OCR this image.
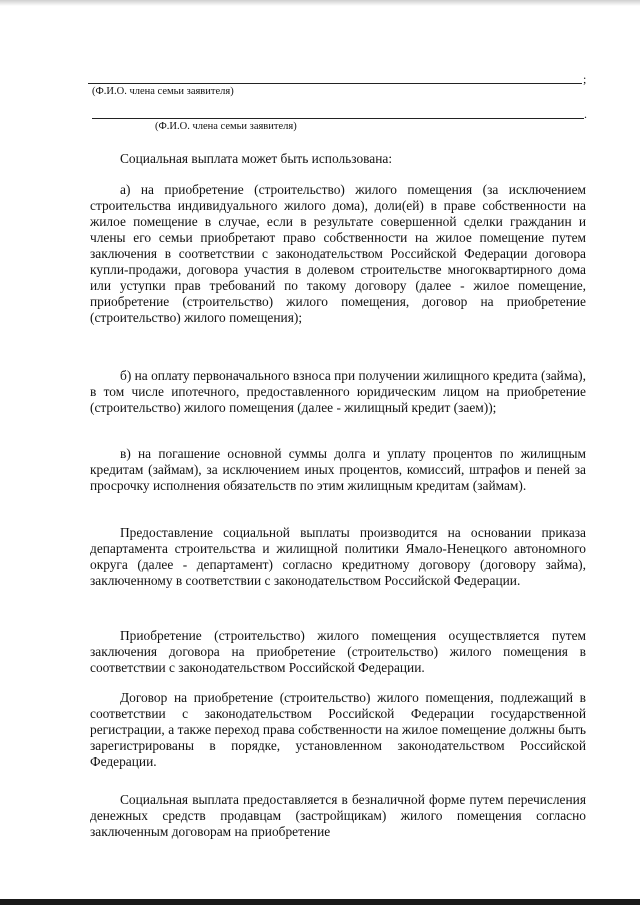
;
(Ф.И.О. члена семьи заявителя)
.
(Ф.И.О. члена семьи заявителя)

Социальная выплата может быть использована:

а) на приобретение (строительство) жилого помещения (за исключением строительства индивидуального жилого дома), доли(ей) в праве собственности на жилое помещение в случае, если в результате совершенной сделки гражданин и члены его семьи приобретают право собственности на жилое помещение путем заключения в соответствии с законодательством Российской Федерации договора купли-продажи, договора участия в долевом строительстве многоквартирного дома или уступки прав требований по такому договору (далее - жилое помещение, приобретение (строительство) жилого помещения, договор на приобретение (строительство) жилого помещения);

б) на оплату первоначального взноса при получении жилищного кредита (займа), в том числе ипотечного, предоставленного юридическим лицом на приобретение (строительство) жилого помещения (далее - жилищный кредит (заем));

в) на погашение основной суммы долга и уплату процентов по жилищным кредитам (займам), за исключением иных процентов, комиссий, штрафов и пеней за просрочку исполнения обязательств по этим жилищным кредитам (займам).

Предоставление социальной выплаты производится на основании приказа департамента строительства и жилищной политики Ямало-Ненецкого автономного округа (далее - департамент) согласно кредитному договору (договору займа), заключенному в соответствии с законодательством Российской Федерации.

Приобретение (строительство) жилого помещения осуществляется путем заключения договора на приобретение (строительство) жилого помещения в соответствии с законодательством Российской Федерации.

Договор на приобретение (строительство) жилого помещения, подлежащий в соответствии с законодательством Российской Федерации государственной регистрации, а также переход права собственности на жилое помещение должны быть зарегистрированы в порядке, установленном законодательством Российской Федерации.

Социальная выплата предоставляется в безналичной форме путем перечисления денежных средств продавцам (застройщикам) жилого помещения согласно заключенным договорам на приобретение
